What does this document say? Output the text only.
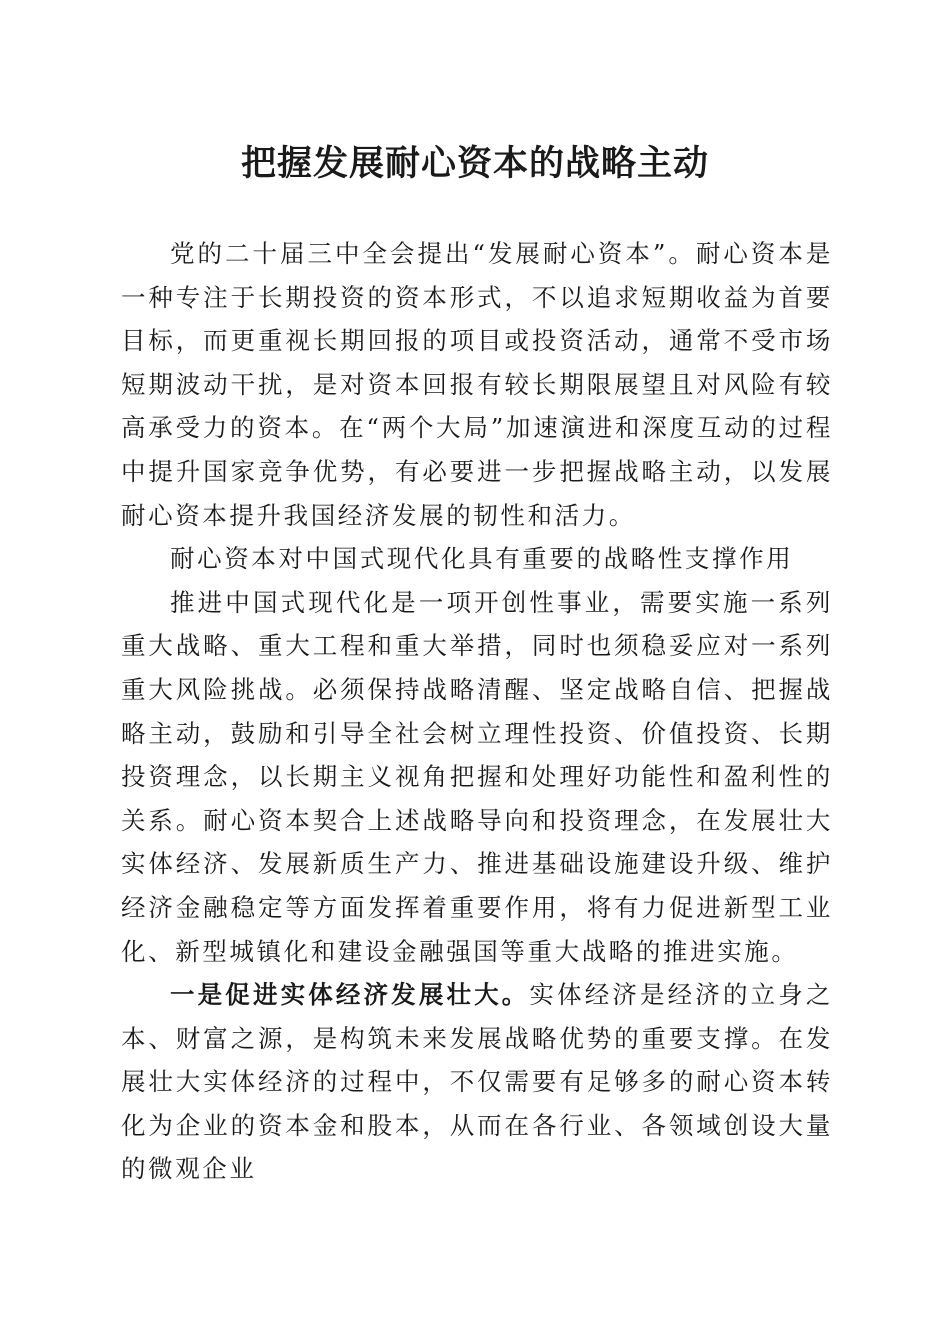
把握发展耐心资本的战略主动

党的二十届三中全会提出“发展耐心资本”。耐心资本是一种专注于长期投资的资本形式，不以追求短期收益为首要目标，而更重视长期回报的项目或投资活动，通常不受市场短期波动干扰，是对资本回报有较长期限展望且对风险有较高承受力的资本。在“两个大局”加速演进和深度互动的过程中提升国家竞争优势，有必要进一步把握战略主动，以发展耐心资本提升我国经济发展的韧性和活力。

耐心资本对中国式现代化具有重要的战略性支撑作用

推进中国式现代化是一项开创性事业，需要实施一系列重大战略、重大工程和重大举措，同时也须稳妥应对一系列重大风险挑战。必须保持战略清醒、坚定战略自信、把握战略主动，鼓励和引导全社会树立理性投资、价值投资、长期投资理念，以长期主义视角把握和处理好功能性和盈利性的关系。耐心资本契合上述战略导向和投资理念，在发展壮大实体经济、发展新质生产力、推进基础设施建设升级、维护经济金融稳定等方面发挥着重要作用，将有力促进新型工业化、新型城镇化和建设金融强国等重大战略的推进实施。

一是促进实体经济发展壮大。实体经济是经济的立身之本、财富之源，是构筑未来发展战略优势的重要支撑。在发展壮大实体经济的过程中，不仅需要有足够多的耐心资本转化为企业的资本金和股本，从而在各行业、各领域创设大量的微观企业
